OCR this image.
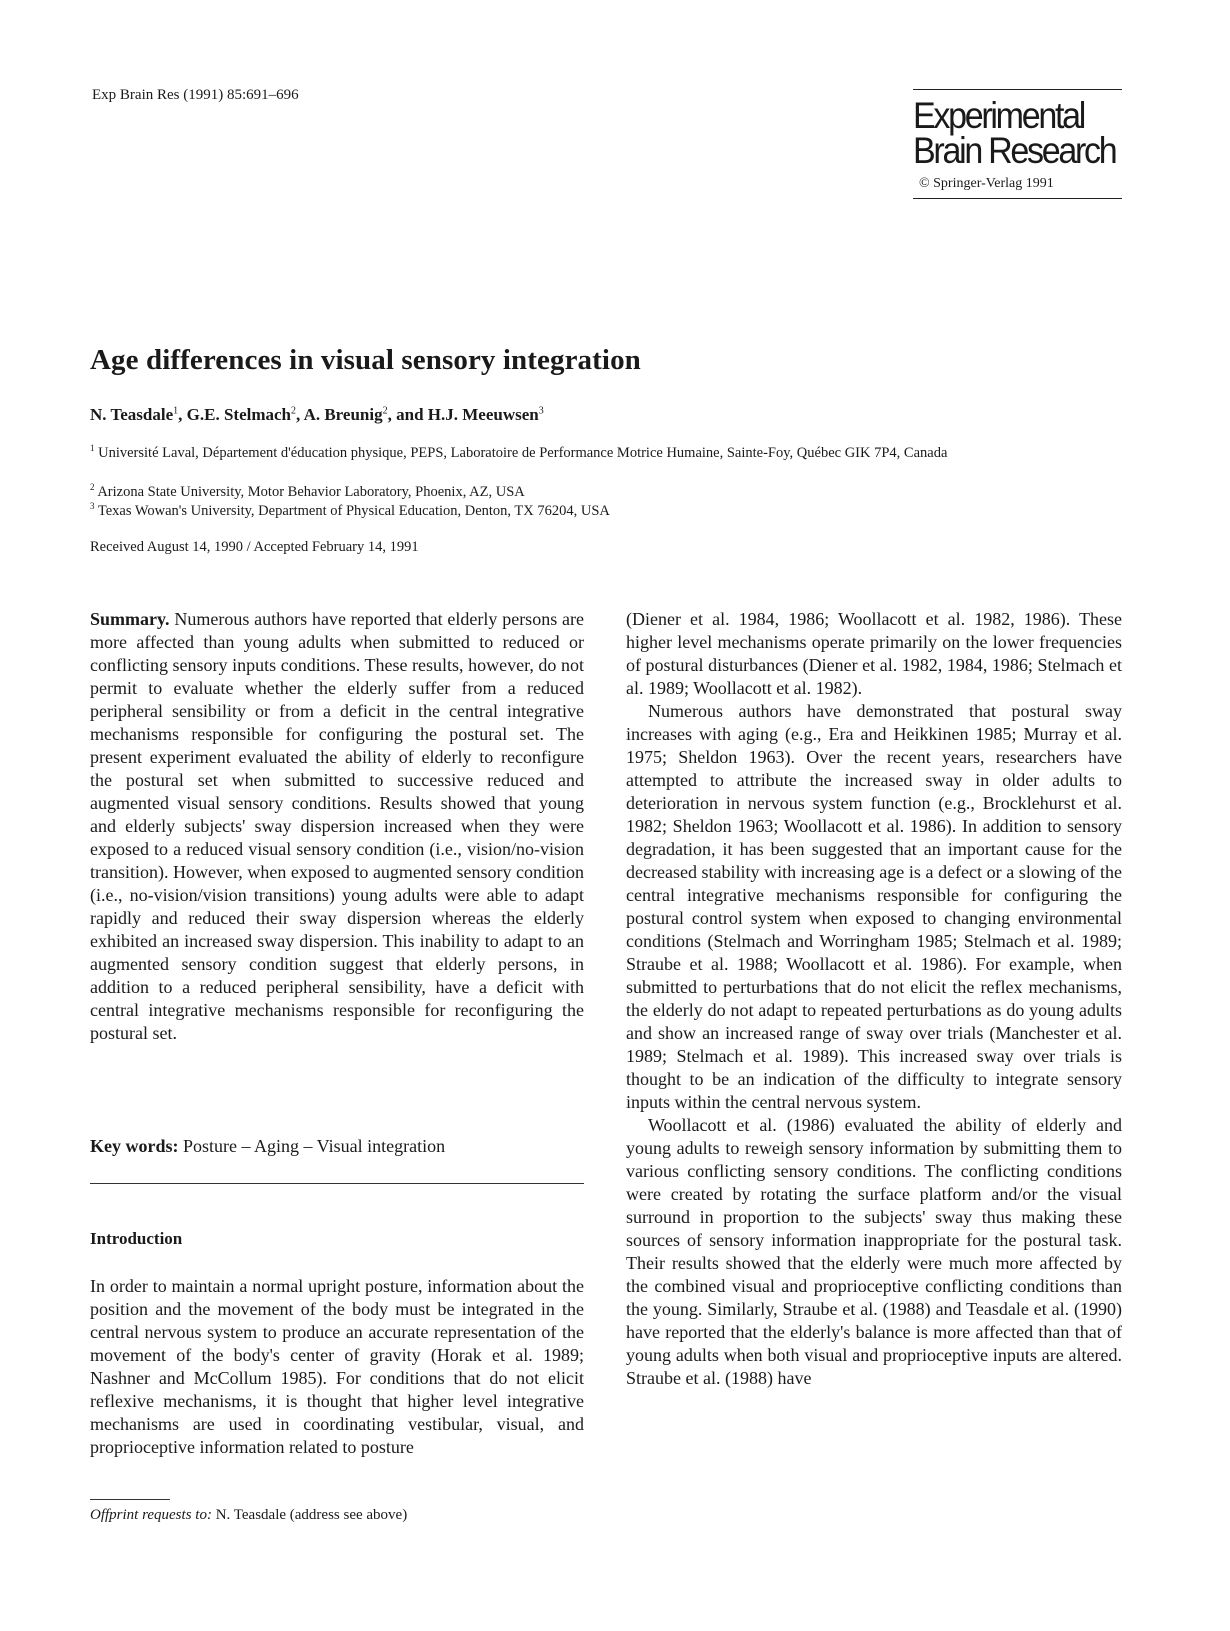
Exp Brain Res (1991) 85:691–696	Experimental
Brain Research
© Springer-Verlag 1991
Age differences in visual sensory integration
N. Teasdale$^1$, G.E. Stelmach$^2$, A. Breunig$^2$, and H.J. Meeuwsen$^3$
$^1$ Université Laval, Département d'éducation physique, PEPS, Laboratoire de Performance Motrice Humaine, Sainte-Foy, Québec GIK 7P4, Canada
$^2$ Arizona State University, Motor Behavior Laboratory, Phoenix, AZ, USA
$^3$ Texas Wowan's University, Department of Physical Education, Denton, TX 76204, USA
Received August 14, 1990 / Accepted February 14, 1991

Summary. Numerous authors have reported that elderly persons are more affected than young adults when submitted to reduced or conflicting sensory inputs conditions. These results, however, do not permit to evaluate whether the elderly suffer from a reduced peripheral sensibility or from a deficit in the central integrative mechanisms responsible for configuring the postural set. The present experiment evaluated the ability of elderly to reconfigure the postural set when submitted to successive reduced and augmented visual sensory conditions. Results showed that young and elderly subjects' sway dispersion increased when they were exposed to a reduced visual sensory condition (i.e., vision/no-vision transition). However, when exposed to augmented sensory condition (i.e., no-vision/vision transitions) young adults were able to adapt rapidly and reduced their sway dispersion whereas the elderly exhibited an increased sway dispersion. This inability to adapt to an augmented sensory condition suggest that elderly persons, in addition to a reduced peripheral sensibility, have a deficit with central integrative mechanisms responsible for reconfiguring the postural set.

Key words: Posture – Aging – Visual integration
Introduction
In order to maintain a normal upright posture, information about the position and the movement of the body must be integrated in the central nervous system to produce an accurate representation of the movement of the body's center of gravity (Horak et al. 1989; Nashner and McCollum 1985). For conditions that do not elicit reflexive mechanisms, it is thought that higher level integrative mechanisms are used in coordinating vestibular, visual, and proprioceptive information related to posture

(Diener et al. 1984, 1986; Woollacott et al. 1982, 1986). These higher level mechanisms operate primarily on the lower frequencies of postural disturbances (Diener et al. 1982, 1984, 1986; Stelmach et al. 1989; Woollacott et al. 1982).

Numerous authors have demonstrated that postural sway increases with aging (e.g., Era and Heikkinen 1985; Murray et al. 1975; Sheldon 1963). Over the recent years, researchers have attempted to attribute the increased sway in older adults to deterioration in nervous system function (e.g., Brocklehurst et al. 1982; Sheldon 1963; Woollacott et al. 1986). In addition to sensory degradation, it has been suggested that an important cause for the decreased stability with increasing age is a defect or a slowing of the central integrative mechanisms responsible for configuring the postural control system when exposed to changing environmental conditions (Stelmach and Worringham 1985; Stelmach et al. 1989; Straube et al. 1988; Woollacott et al. 1986). For example, when submitted to perturbations that do not elicit the reflex mechanisms, the elderly do not adapt to repeated perturbations as do young adults and show an increased range of sway over trials (Manchester et al. 1989; Stelmach et al. 1989). This increased sway over trials is thought to be an indication of the difficulty to integrate sensory inputs within the central nervous system.

Woollacott et al. (1986) evaluated the ability of elderly and young adults to reweigh sensory information by submitting them to various conflicting sensory conditions. The conflicting conditions were created by rotating the surface platform and/or the visual surround in proportion to the subjects' sway thus making these sources of sensory information inappropriate for the postural task. Their results showed that the elderly were much more affected by the combined visual and proprioceptive conflicting conditions than the young. Similarly, Straube et al. (1988) and Teasdale et al. (1990) have reported that the elderly's balance is more affected than that of young adults when both visual and proprioceptive inputs are altered. Straube et al. (1988) have

Offprint requests to: N. Teasdale (address see above)
